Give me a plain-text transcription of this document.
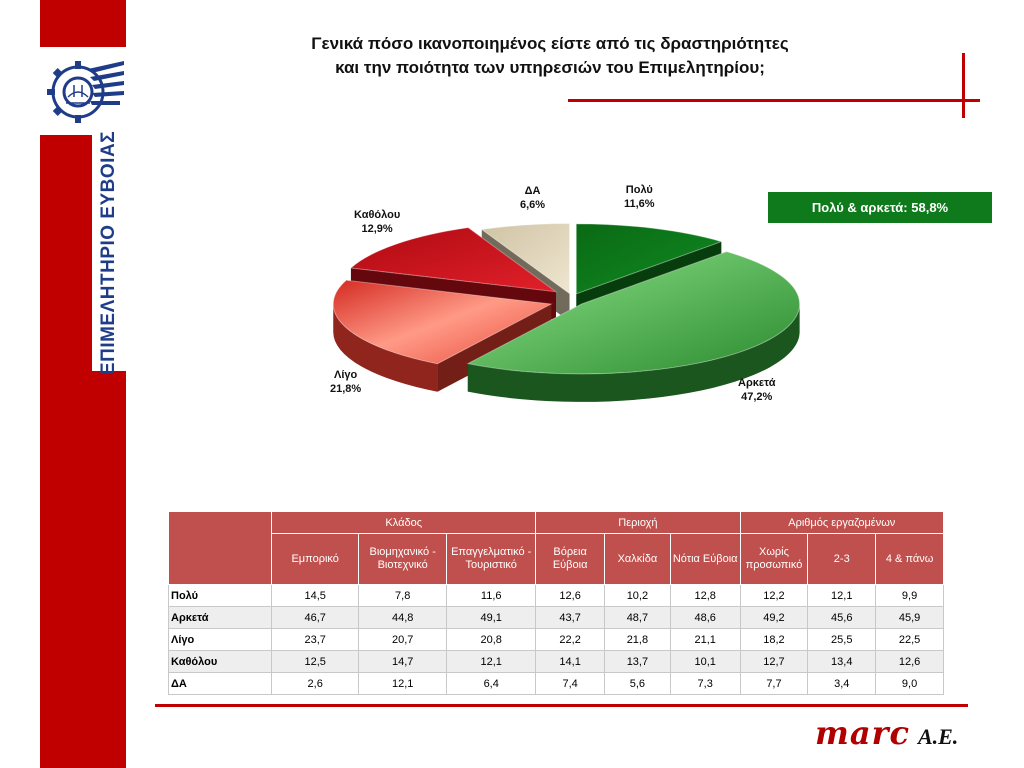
ΕΠΙΜΕΛΗΤΗΡΙΟ ΕΥΒΟΙΑΣ
Γενικά πόσο ικανοποιημένος είστε από τις δραστηριότητες
και την ποιότητα των υπηρεσιών του Επιμελητηρίου;
Πολύ & αρκετά: 58,8%
Πολύ
11,6%
Αρκετά
47,2%
Λίγο
21,8%
Καθόλου
12,9%
ΔΑ
6,6%
	Κλάδος			Περιοχή			Αριθμός εργαζομένων		
	Εμπορικό	Βιομηχανικό - Βιοτεχνικό	Επαγγελματικό - Τουριστικό	Βόρεια Εύβοια	Χαλκίδα	Νότια Εύβοια	Χωρίς προσωπικό	2-3	4 & πάνω
Πολύ	14,5	7,8	11,6	12,6	10,2	12,8	12,2	12,1	9,9
Αρκετά	46,7	44,8	49,1	43,7	48,7	48,6	49,2	45,6	45,9
Λίγο	23,7	20,7	20,8	22,2	21,8	21,1	18,2	25,5	22,5
Καθόλου	12,5	14,7	12,1	14,1	13,7	10,1	12,7	13,4	12,6
ΔΑ	2,6	12,1	6,4	7,4	5,6	7,3	7,7	3,4	9,0
marc A.E.
